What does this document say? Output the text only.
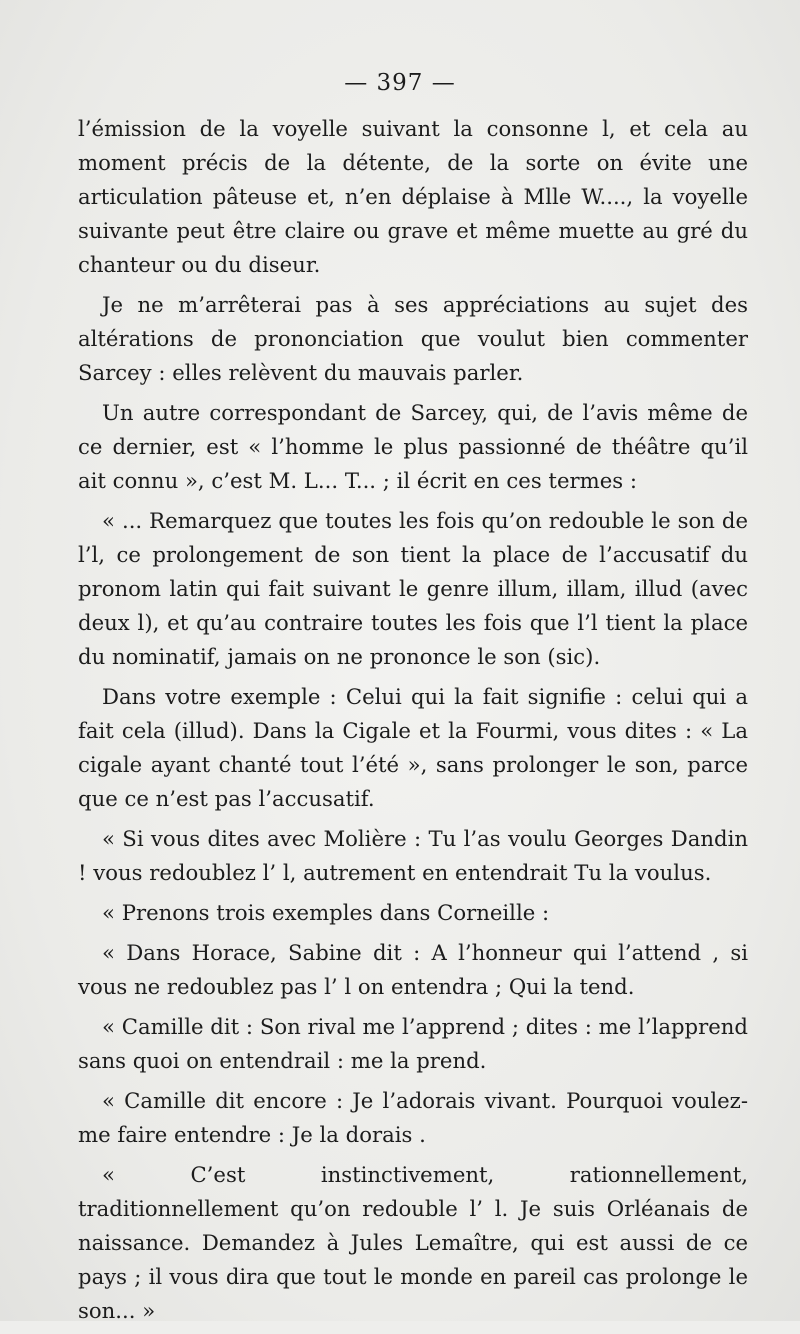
— 397 —

l’émission de la voyelle suivant la consonne l, et cela au moment précis de la détente, de la sorte on évite une articulation pâteuse et, n’en déplaise à Mlle W...., la voyelle suivante peut être claire ou grave et même muette au gré du chanteur ou du diseur.

Je ne m’arrêterai pas à ses appréciations au sujet des altérations de prononciation que voulut bien commenter Sarcey : elles relèvent du mauvais parler.

Un autre correspondant de Sarcey, qui, de l’avis même de ce dernier, est « l’homme le plus passionné de théâtre qu’il ait connu », c’est M. L... T... ; il écrit en ces termes :

« ... Remarquez que toutes les fois qu’on redouble le son de l’l, ce prolongement de son tient la place de l’accusatif du pronom latin qui fait suivant le genre illum, illam, illud (avec deux l), et qu’au contraire toutes les fois que l’l tient la place du nominatif, jamais on ne prononce le son (sic).

Dans votre exemple : Celui qui la fait signifie : celui qui a fait cela (illud). Dans la Cigale et la Fourmi, vous dites : « La cigale ayant chanté tout l’été », sans prolonger le son, parce que ce n’est pas l’accusatif.

« Si vous dites avec Molière : Tu l’as voulu Georges Dandin ! vous redoublez l’ l, autrement en entendrait Tu la voulus.

« Prenons trois exemples dans Corneille :

« Dans Horace, Sabine dit : A l’honneur qui l’attend , si vous ne redoublez pas l’ l on entendra ; Qui la tend.

« Camille dit : Son rival me l’apprend ; dites : me l’lapprend sans quoi on entendrail : me la prend.

« Camille dit encore : Je l’adorais vivant. Pourquoi voulez-me faire entendre : Je la dorais .

« C’est instinctivement, rationnellement, traditionnellement qu’on redouble l’ l. Je suis Orléanais de naissance. Demandez à Jules Lemaître, qui est aussi de ce pays ; il vous dira que tout le monde en pareil cas prolonge le son... »
